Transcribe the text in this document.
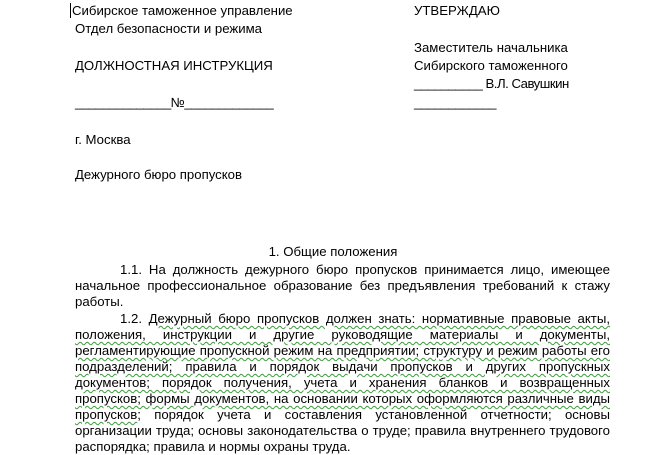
Сибирское таможенное управление
Отдел безопасности и режима
ДОЛЖНОСТНАЯ ИНСТРУКЦИЯ
______________№_____________
г. Москва
Дежурного бюро пропусков
УТВЕРЖДАЮ
Заместитель начальника
Сибирского таможенного
__________ В.Л. Савушкин
____________
1. Общие положения
1.1. На должность дежурного бюро пропусков принимается лицо, имеющее начальное профессиональное образование без предъявления требований к стажу работы.
1.2. Дежурный бюро пропусков должен знать: нормативные правовые акты, положения, инструкции и другие руководящие материалы и документы, регламентирующие пропускной режим на предприятии; структуру и режим работы его подразделений; правила и порядок выдачи пропусков и других пропускных документов; порядок получения, учета и хранения бланков и возвращенных пропусков; формы документов, на основании которых оформляются различные виды пропусков; порядок учета и составления установленной отчетности; основы организации труда; основы законодательства о труде; правила внутреннего трудового распорядка; правила и нормы охраны труда.
